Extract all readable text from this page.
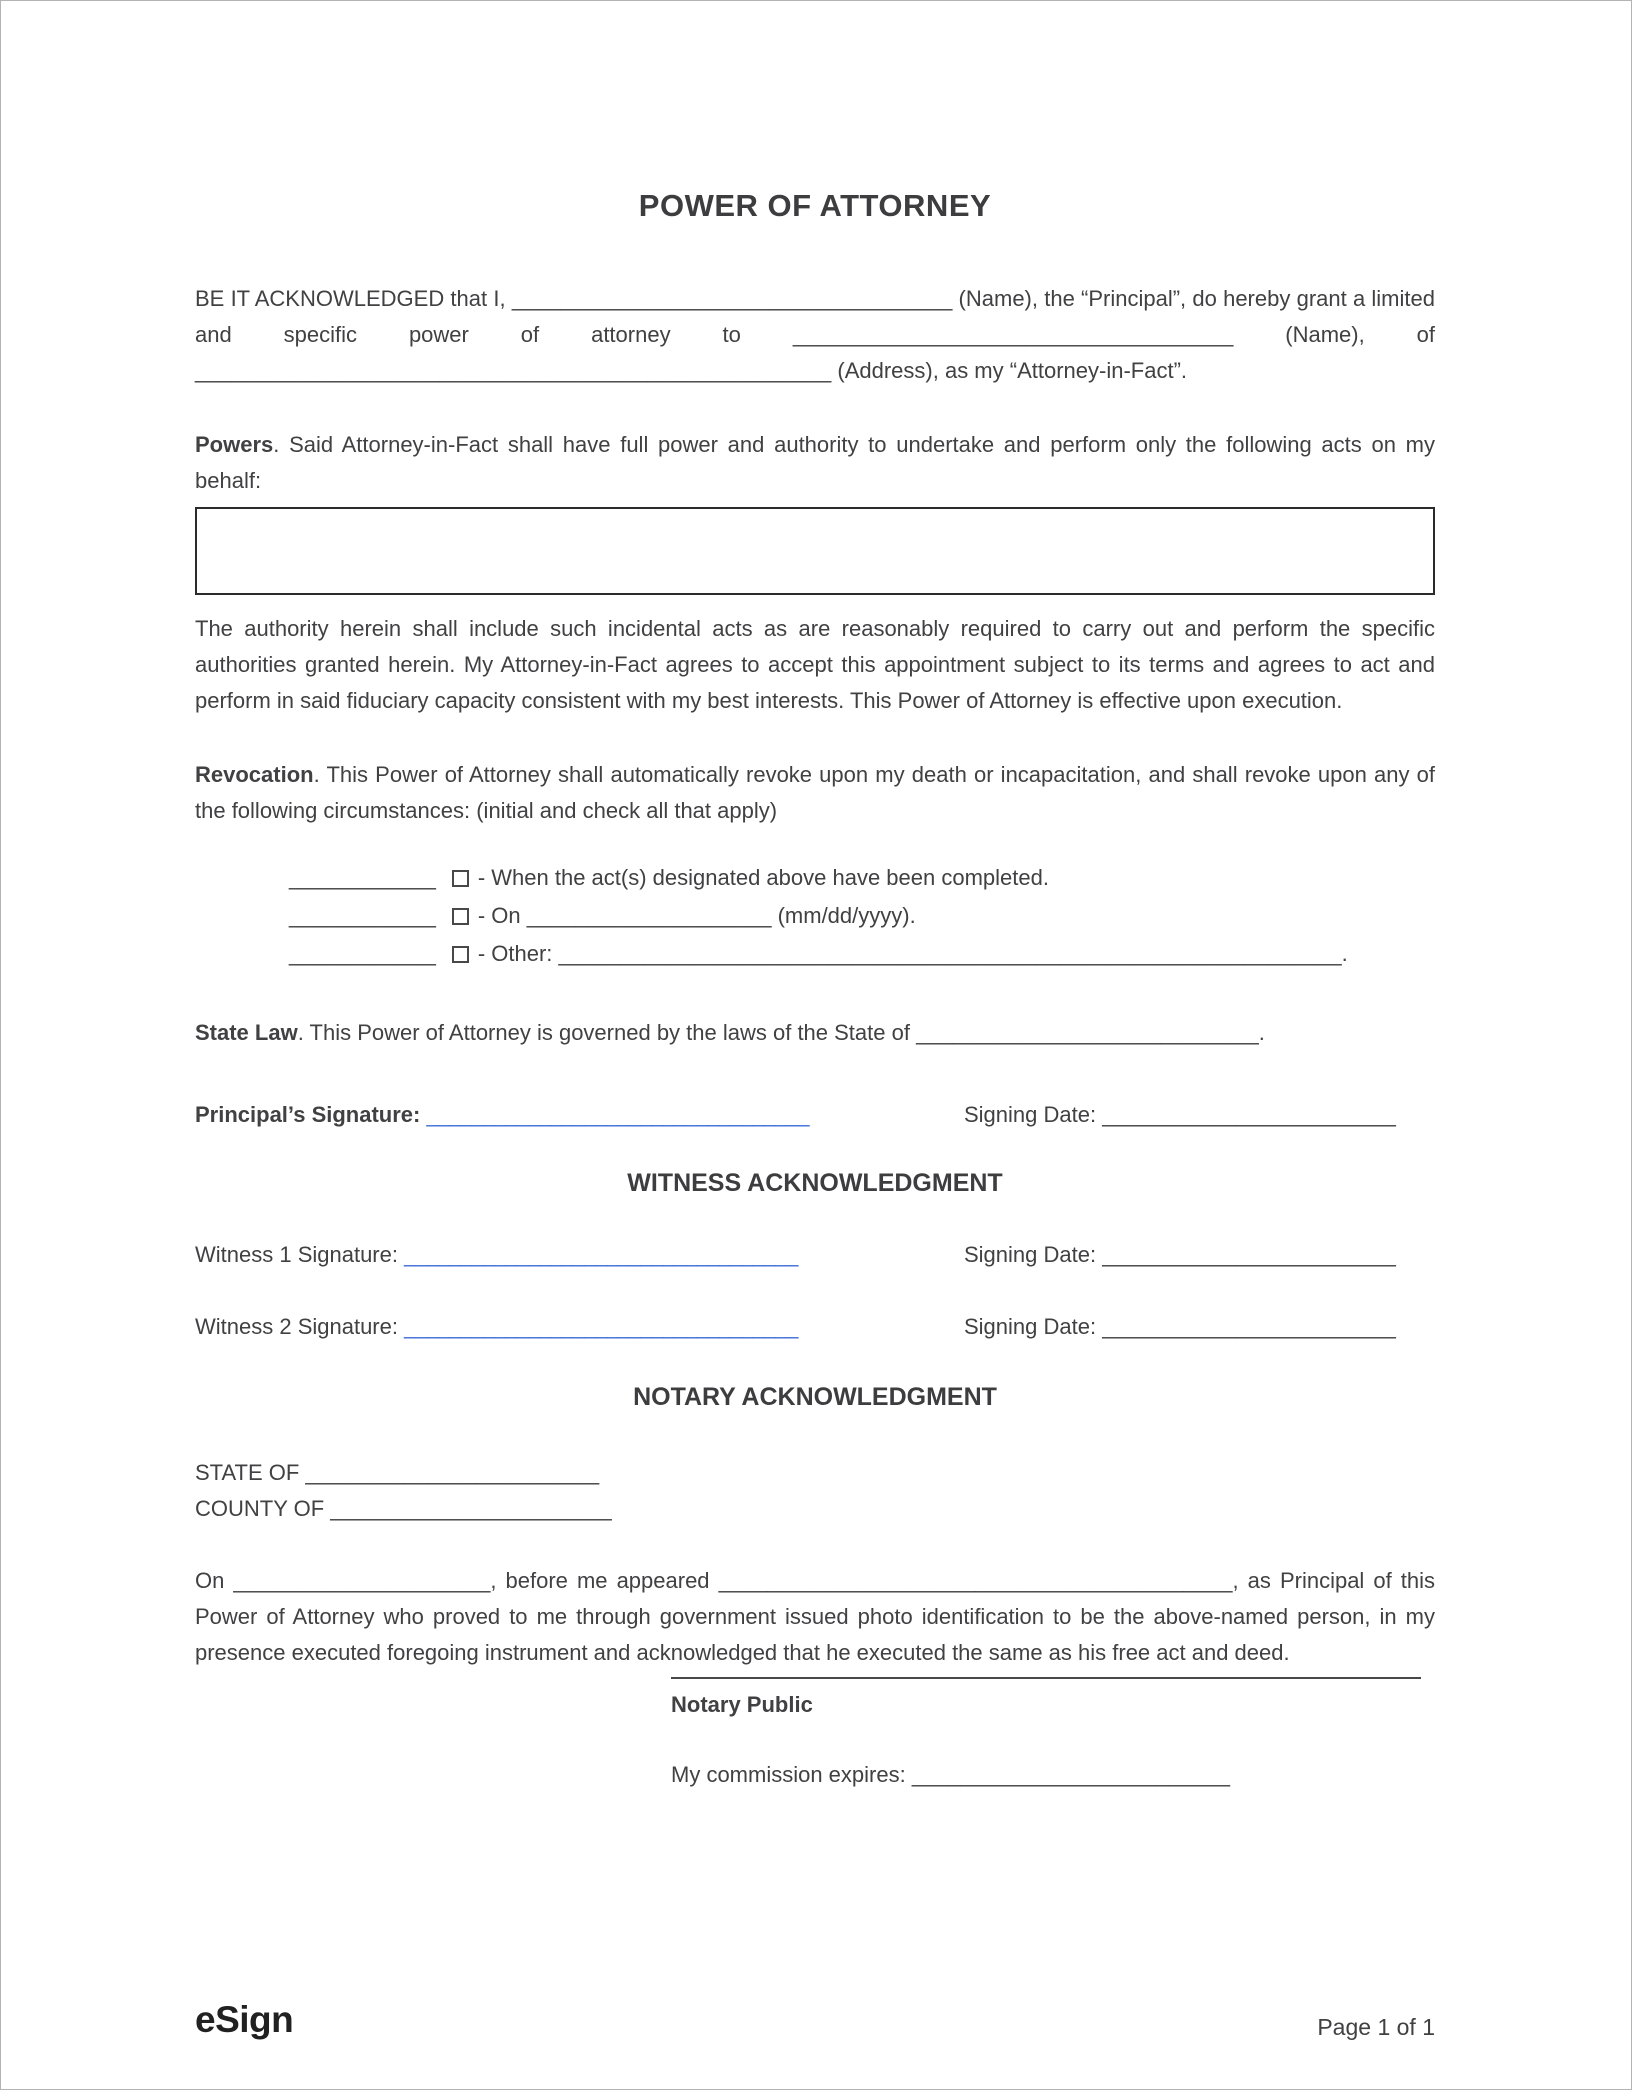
POWER OF ATTORNEY

BE IT ACKNOWLEDGED that I, ____________________________________ (Name), the “Principal”, do hereby grant a limited and specific power of attorney to ____________________________________ (Name), of ____________________________________________________ (Address), as my “Attorney-in-Fact”.

Powers. Said Attorney-in-Fact shall have full power and authority to undertake and perform only the following acts on my behalf:

The authority herein shall include such incidental acts as are reasonably required to carry out and perform the specific authorities granted herein. My Attorney-in-Fact agrees to accept this appointment subject to its terms and agrees to act and perform in said fiduciary capacity consistent with my best interests. This Power of Attorney is effective upon execution.

Revocation. This Power of Attorney shall automatically revoke upon my death or incapacitation, and shall revoke upon any of the following circumstances: (initial and check all that apply)

____________ - When the act(s) designated above have been completed.
____________ - On ____________________ (mm/dd/yyyy).
____________ - Other: ________________________________________________________________.

State Law. This Power of Attorney is governed by the laws of the State of ____________________________.

Principal’s Signature: __________________________________	Signing Date: ________________________
WITNESS ACKNOWLEDGMENT
Witness 1 Signature: ___________________________________	Signing Date: ________________________
Witness 2 Signature: ___________________________________	Signing Date: ________________________
NOTARY ACKNOWLEDGMENT
STATE OF ________________________
COUNTY OF _______________________

On _____________________, before me appeared __________________________________________, as Principal of this Power of Attorney who proved to me through government issued photo identification to be the above-named person, in my presence executed foregoing instrument and acknowledged that he executed the same as his free act and deed.

Notary Public
My commission expires: __________________________
eSign	Page 1 of 1
